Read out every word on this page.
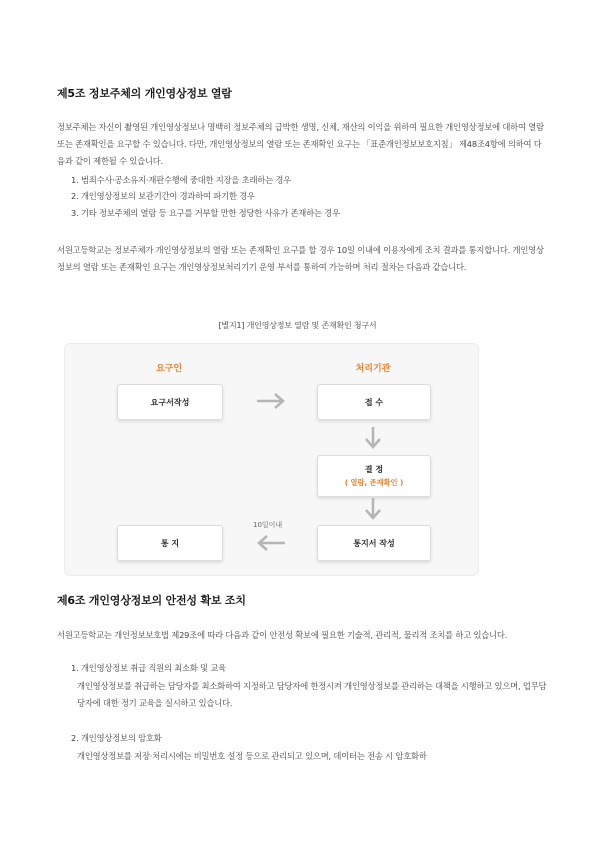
제5조 정보주체의 개인영상정보 열람

정보주체는 자신이 촬영된 개인영상정보나 명백히 정보주체의 급박한 생명, 신체, 재산의 이익을 위하여 필요한 개인영상정보에 대하여 열람 또는 존재확인을 요구할 수 있습니다. 다만, 개인영상정보의 열람 또는 존재확인 요구는 「표준개인정보보호지침」 제48조4항에 의하여 다음과 같이 제한될 수 있습니다.

1. 범죄수사·공소유지·재판수행에 중대한 지장을 초래하는 경우
2. 개인영상정보의 보관기간이 경과하여 파기한 경우
3. 기타 정보주체의 열람 등 요구를 거부할 만한 정당한 사유가 존재하는 경우

서원고등학교는 정보주체가 개인영상정보의 열람 또는 존재확인 요구를 할 경우 10일 이내에 이용자에게 조치 결과를 통지합니다. 개인영상정보의 열람 또는 존재확인 요구는 개인영상정보처리기기 운영 부서를 통하여 가능하며 처리 절차는 다음과 같습니다.

[별지1] 개인영상정보 열람 및 존재확인 청구서
요구인	처리기관
요구서작성	접 수
결 정
( 열람, 존재확인 )
통지서 작성
통 지
10일이내
제6조 개인영상정보의 안전성 확보 조치

서원고등학교는 개인정보보호법 제29조에 따라 다음과 같이 안전성 확보에 필요한 기술적, 관리적, 물리적 조치를 하고 있습니다.

1. 개인영상정보 취급 직원의 최소화 및 교육

개인영상정보를 취급하는 담당자를 최소화하여 지정하고 담당자에 한정시켜 개인영상정보를 관리하는 대책을 시행하고 있으며, 업무담당자에 대한 정기 교육을 실시하고 있습니다.

2. 개인영상정보의 암호화
개인영상정보를 저장·처리시에는 비밀번호 설정 등으로 관리되고 있으며, 데이터는 전송 시 암호화하
